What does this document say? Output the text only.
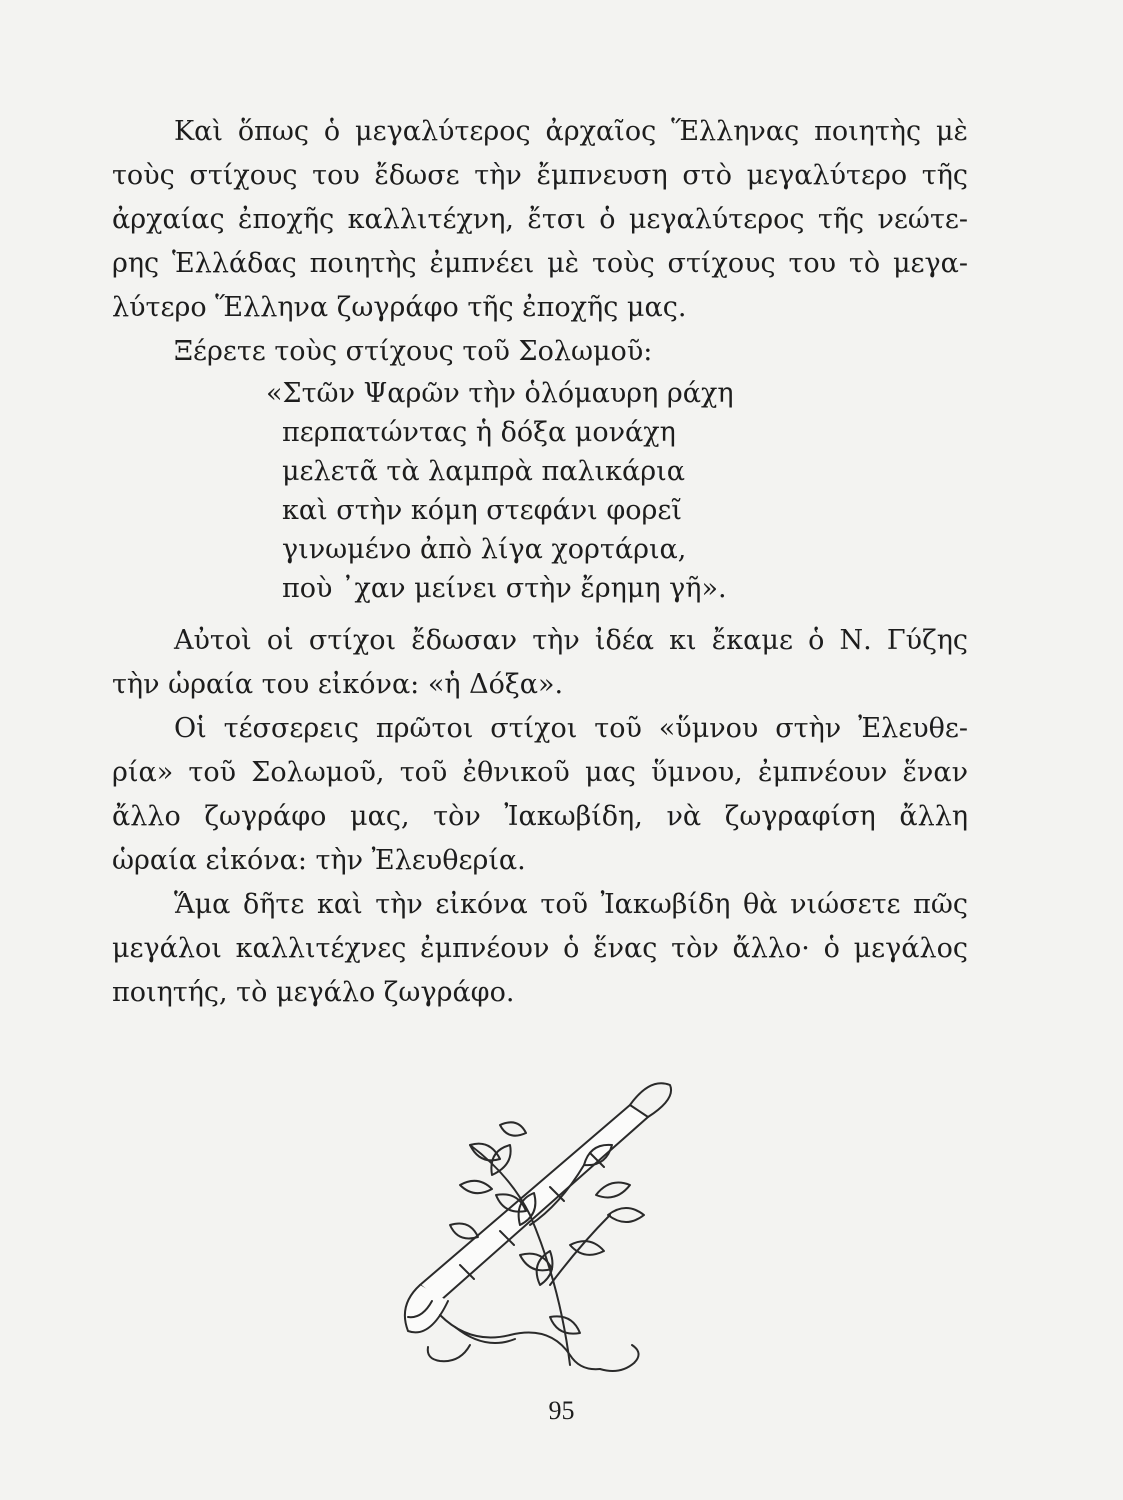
Καὶ ὅπως ὁ μεγαλύτερος ἀρχαῖος Ἕλληνας ποιητὴς μὲ
τοὺς στίχους του ἔδωσε τὴν ἔμπνευση στὸ μεγαλύτερο τῆς
ἀρχαίας ἐποχῆς καλλιτέχνη, ἔτσι ὁ μεγαλύτερος τῆς νεώτε-
ρης Ἑλλάδας ποιητὴς ἐμπνέει μὲ τοὺς στίχους του τὸ μεγα-
λύτερο Ἕλληνα ζωγράφο τῆς ἐποχῆς μας.
Ξέρετε τοὺς στίχους τοῦ Σολωμοῦ:
«Στῶν Ψαρῶν τὴν ὁλόμαυρη ράχη
περπατώντας ἡ δόξα μονάχη
μελετᾶ τὰ λαμπρὰ παλικάρια
καὶ στὴν κόμη στεφάνι φορεῖ
γινωμένο ἀπὸ λίγα χορτάρια,
ποὺ ᾿χαν μείνει στὴν ἔρημη γῆ».
Αὐτοὶ οἱ στίχοι ἔδωσαν τὴν ἰδέα κι ἔκαμε ὁ Ν. Γύζης
τὴν ὡραία του εἰκόνα: «ἡ Δόξα».
Οἱ τέσσερεις πρῶτοι στίχοι τοῦ «ὕμνου στὴν Ἐλευθε-
ρία» τοῦ Σολωμοῦ, τοῦ ἐθνικοῦ μας ὕμνου, ἐμπνέουν ἕναν
ἄλλο ζωγράφο μας, τὸν Ἰακωβίδη, νὰ ζωγραφίση ἄλλη
ὡραία εἰκόνα: τὴν Ἐλευθερία.
Ἅμα δῆτε καὶ τὴν εἰκόνα τοῦ Ἰακωβίδη θὰ νιώσετε πῶς
μεγάλοι καλλιτέχνες ἐμπνέουν ὁ ἕνας τὸν ἄλλο· ὁ μεγάλος
ποιητής, τὸ μεγάλο ζωγράφο.
95
